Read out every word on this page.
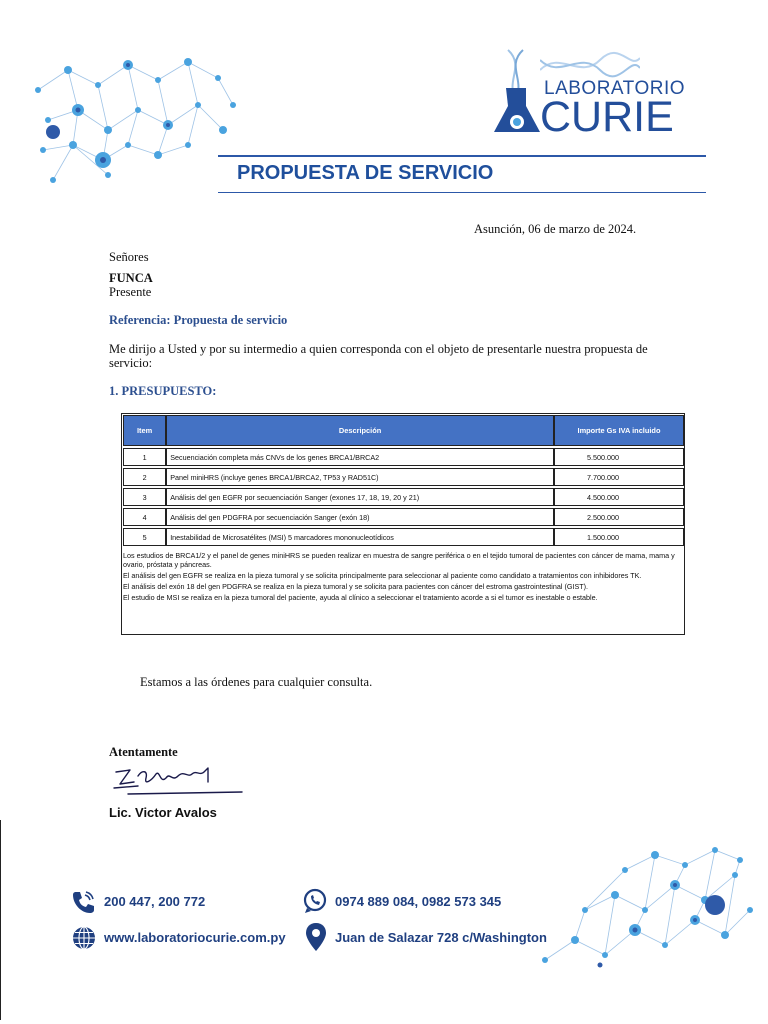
LABORATORIO
CURIE
PROPUESTA DE SERVICIO
Asunción, 06 de marzo de 2024.
Señores
FUNCA
Presente
Referencia: Propuesta de servicio
Me dirijo a Usted y por su intermedio a quien corresponda con el objeto de presentarle nuestra propuesta de servicio:
1. PRESUPUESTO:
Item	Descripción	Importe Gs IVA incluido

1	Secuenciación completa más CNVs de los genes BRCA1/BRCA2	5.500.000

2	Panel miniHRS (incluye genes BRCA1/BRCA2, TP53 y RAD51C)	7.700.000

3	Análisis del gen EGFR por secuenciación Sanger (exones 17, 18, 19, 20 y 21)	4.500.000

4	Análisis del gen PDGFRA por secuenciación Sanger (exón 18)	2.500.000

5	Inestabilidad de Microsatélites (MSI) 5 marcadores mononucleotídicos	1.500.000

Los estudios de BRCA1/2 y el panel de genes miniHRS se pueden realizar en muestra de sangre periférica o en el tejido tumoral de pacientes con cáncer de mama, mama y ovario, próstata y páncreas.

El análisis del gen EGFR se realiza en la pieza tumoral y se solicita principalmente para seleccionar al paciente como candidato a tratamientos con inhibidores TK.

El análisis del exón 18 del gen PDGFRA se realiza en la pieza tumoral y se solicita para pacientes con cáncer del estroma gastrointestinal (GIST).

El estudio de MSI se realiza en la pieza tumoral del paciente, ayuda al clínico a seleccionar el tratamiento acorde a si el tumor es inestable o estable.

Estamos a las órdenes para cualquier consulta.
Atentamente
Lic. Victor Avalos
200 447, 200 772	0974 889 084, 0982 573 345
www.laboratoriocurie.com.py	Juan de Salazar 728 c/Washington
